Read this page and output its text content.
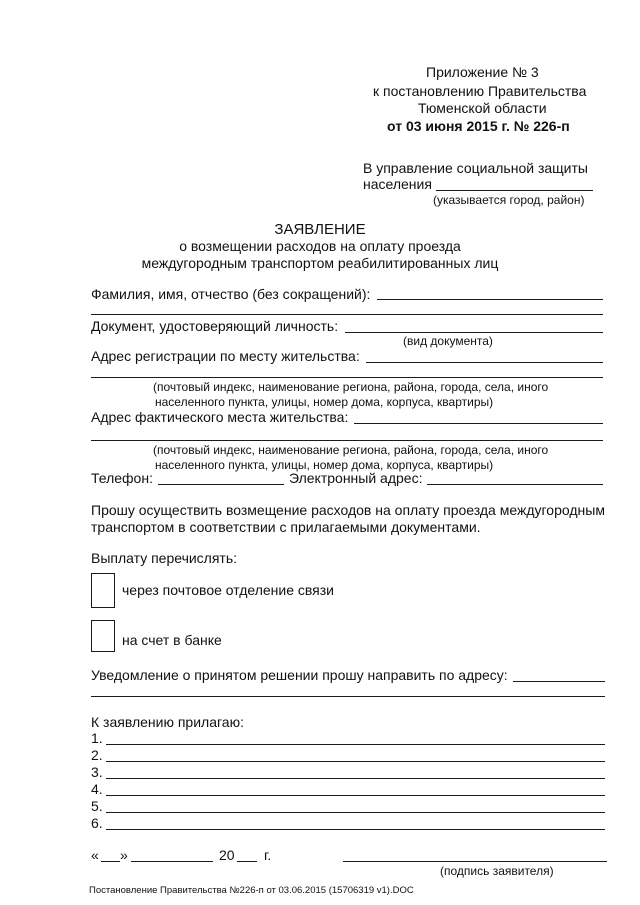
Приложение № 3
к постановлению Правительства
Тюменской области
от 03 июня 2015 г. № 226-п
В управление социальной защиты
населения
(указывается город, район)
ЗАЯВЛЕНИЕ
о возмещении расходов на оплату проезда
междугородным транспортом реабилитированных лиц
Фамилия, имя, отчество (без сокращений):
Документ, удостоверяющий личность:
(вид документа)
Адрес регистрации по месту жительства:
(почтовый индекс, наименование региона, района, города, села, иного
населенного пункта, улицы, номер дома, корпуса, квартиры)
Адрес фактического места жительства:
(почтовый индекс, наименование региона, района, города, села, иного
населенного пункта, улицы, номер дома, корпуса, квартиры)
Телефон:	Электронный адрес:
Прошу осуществить возмещение расходов на оплату проезда междугородным
транспортом в соответствии с прилагаемыми документами.
Выплату перечислять:
через почтовое отделение связи
на счет в банке
Уведомление о принятом решении прошу направить по адресу:
К заявлению прилагаю:
1.
2.
3.
4.
5.
6.
« »	20 г.
(подпись заявителя)
Постановление Правительства №226-п от 03.06.2015 (15706319 v1).DOC
